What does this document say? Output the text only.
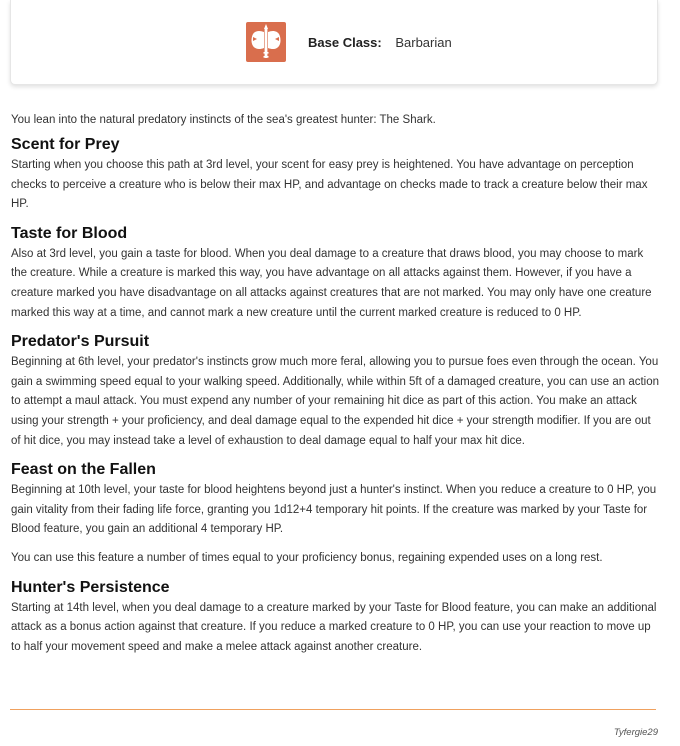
Base Class: Barbarian

You lean into the natural predatory instincts of the sea's greatest hunter: The Shark.

Scent for Prey

Starting when you choose this path at 3rd level, your scent for easy prey is heightened. You have advantage on perception checks to perceive a creature who is below their max HP, and advantage on checks made to track a creature below their max HP.

Taste for Blood

Also at 3rd level, you gain a taste for blood. When you deal damage to a creature that draws blood, you may choose to mark the creature. While a creature is marked this way, you have advantage on all attacks against them. However, if you have a creature marked you have disadvantage on all attacks against creatures that are not marked. You may only have one creature marked this way at a time, and cannot mark a new creature until the current marked creature is reduced to 0 HP.

Predator's Pursuit

Beginning at 6th level, your predator's instincts grow much more feral, allowing you to pursue foes even through the ocean. You gain a swimming speed equal to your walking speed. Additionally, while within 5ft of a damaged creature, you can use an action to attempt a maul attack. You must expend any number of your remaining hit dice as part of this action. You make an attack using your strength + your proficiency, and deal damage equal to the expended hit dice + your strength modifier. If you are out of hit dice, you may instead take a level of exhaustion to deal damage equal to half your max hit dice.

Feast on the Fallen

Beginning at 10th level, your taste for blood heightens beyond just a hunter's instinct. When you reduce a creature to 0 HP, you gain vitality from their fading life force, granting you 1d12+4 temporary hit points. If the creature was marked by your Taste for Blood feature, you gain an additional 4 temporary HP.

You can use this feature a number of times equal to your proficiency bonus, regaining expended uses on a long rest.

Hunter's Persistence

Starting at 14th level, when you deal damage to a creature marked by your Taste for Blood feature, you can make an additional attack as a bonus action against that creature. If you reduce a marked creature to 0 HP, you can use your reaction to move up to half your movement speed and make a melee attack against another creature.

Tyfergie29
